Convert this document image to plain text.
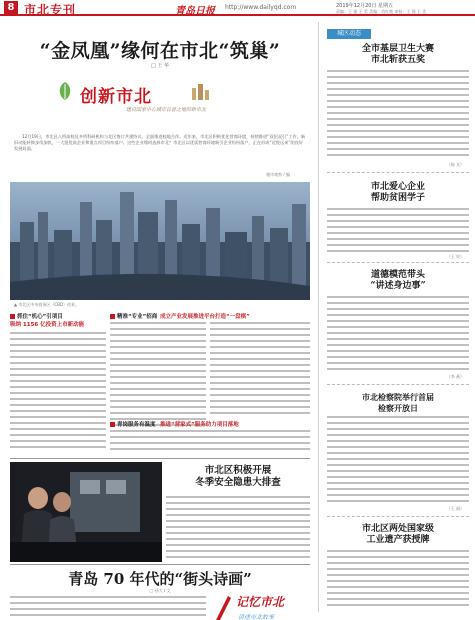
8 市北专刊	青岛日报 http://www.dailyqd.com	2019年12月20日 星期五
责编：王 强 王 美 美编：肖红艳 审校：王 强 王 美
“金凤凰”缘何在市北“筑巢”
□ 王 华
创新市北
建设国家中心城市首善之地的新市北
12月19日，市北区八所高校及多所科研机构与北区签订共建协议，全面推进校地合作。近年来，市北区积极优化营商环境，持续推进“双招双引”工作，新旧动能转换步伐加快，一大批优质企业和重点项目纷纷落户。这些企业缘何选择市北？市北区以优质营商环境吸引企业纷纷落户，正在形成“近悦远来”的良好发展局面。
楼市观察 / 编
▲ 市北区中央商务区（CBD）夜景。
抓住“机心”引项目
吸纳 1156 亿投资上市新动能
精准“专业”招商 成立产业发展推进平台打造“一盘棋”
青岗服务有温度 推进“营家式”服务助力项目落地
市北区积极开展
冬季安全隐患大排查
青岛 70 年代的“街头诗画”
□ 孙大 / 文
记忆市北
讲述市北故事
城区动态
全市基层卫生大赛
市北斩获五奖
（杨 光）
市北爱心企业
帮助贫困学子
（王 泉）
道德模范带头
“讲述身边事”
（李 燕）
市北检察院举行首届
检察开放日
（王 丽）
市北区两处国家级
工业遗产获授牌
